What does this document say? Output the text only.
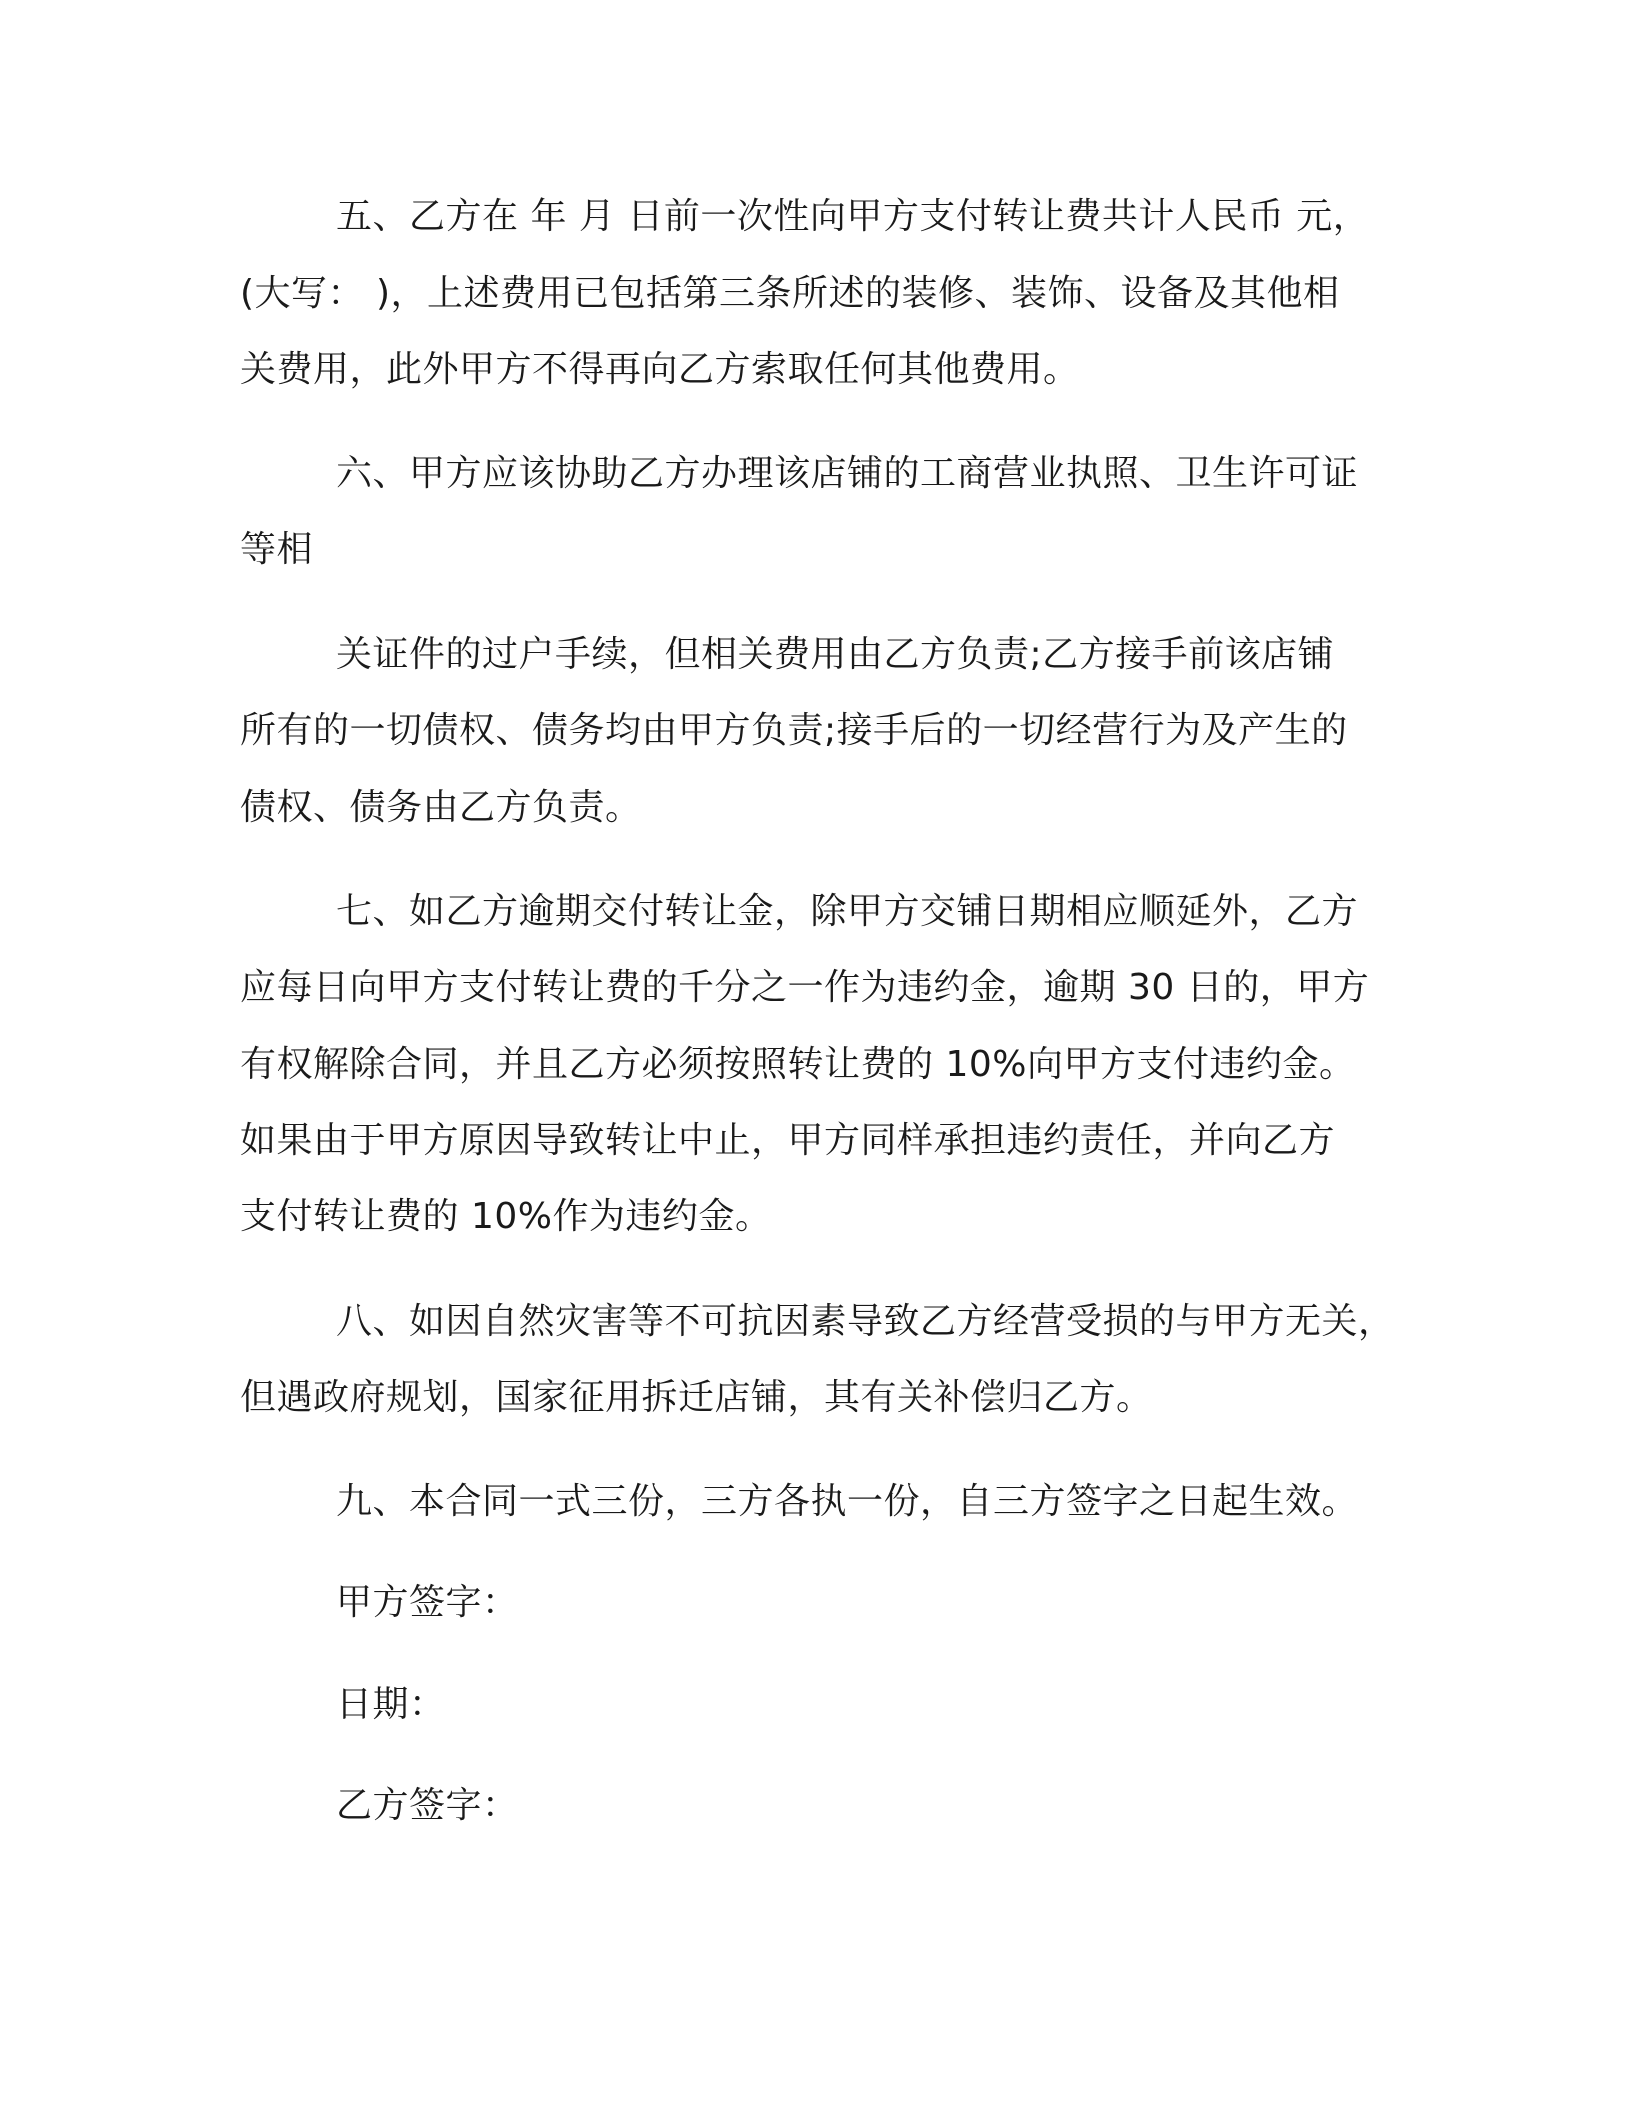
五、乙方在 年 月 日前一次性向甲方支付转让费共计人民币 元，

(大写： )，上述费用已包括第三条所述的装修、装饰、设备及其他相

关费用，此外甲方不得再向乙方索取任何其他费用。

六、甲方应该协助乙方办理该店铺的工商营业执照、卫生许可证

等相

关证件的过户手续，但相关费用由乙方负责;乙方接手前该店铺

所有的一切债权、债务均由甲方负责;接手后的一切经营行为及产生的

债权、债务由乙方负责。

七、如乙方逾期交付转让金，除甲方交铺日期相应顺延外，乙方

应每日向甲方支付转让费的千分之一作为违约金，逾期 30 日的，甲方

有权解除合同，并且乙方必须按照转让费的 10%向甲方支付违约金。

如果由于甲方原因导致转让中止，甲方同样承担违约责任，并向乙方

支付转让费的 10%作为违约金。

八、如因自然灾害等不可抗因素导致乙方经营受损的与甲方无关，

但遇政府规划，国家征用拆迁店铺，其有关补偿归乙方。

九、本合同一式三份，三方各执一份，自三方签字之日起生效。

甲方签字：

日期：

乙方签字：
